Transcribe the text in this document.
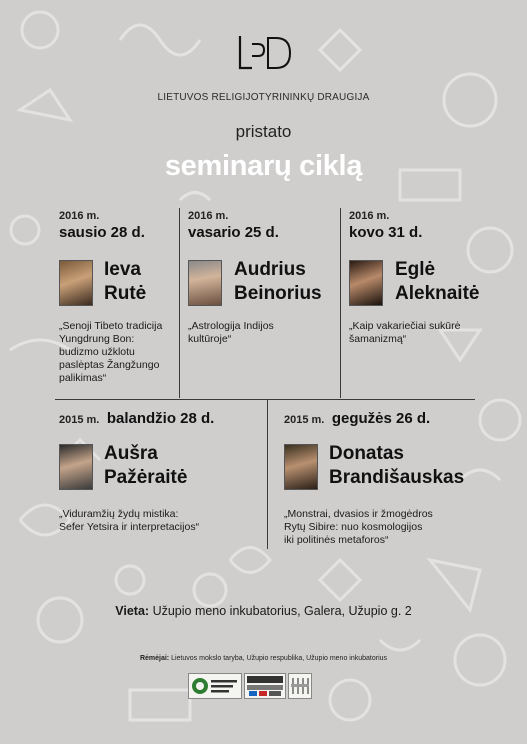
LIETUVOS RELIGIJOTYRININKŲ DRAUGIJA
pristato
seminarų ciklą
2016 m.
sausio 28 d.
Ieva
Rutė
„Senoji Tibeto tradicija
Yungdrung Bon:
budizmo užklotu
paslėptas Žangžungo
palikimas“
2016 m.
vasario 25 d.
Audrius
Beinorius
„Astrologija Indijos
kultūroje“
2016 m.
kovo 31 d.
Eglė
Aleknaitė
„Kaip vakariečiai sukūrė
šamanizmą“
2015 m. balandžio 28 d.
Aušra
Pažėraitė
„Viduramžių žydų mistika:
Sefer Yetsira ir interpretacijos“
2015 m. gegužės 26 d.
Donatas
Brandišauskas
„Monstrai, dvasios ir žmogėdros
Rytų Sibire: nuo kosmologijos
iki politinės metaforos“
Vieta: Užupio meno inkubatorius, Galera, Užupio g. 2
Rėmėjai: Lietuvos mokslo taryba, Užupio respublika, Užupio meno inkubatorius
